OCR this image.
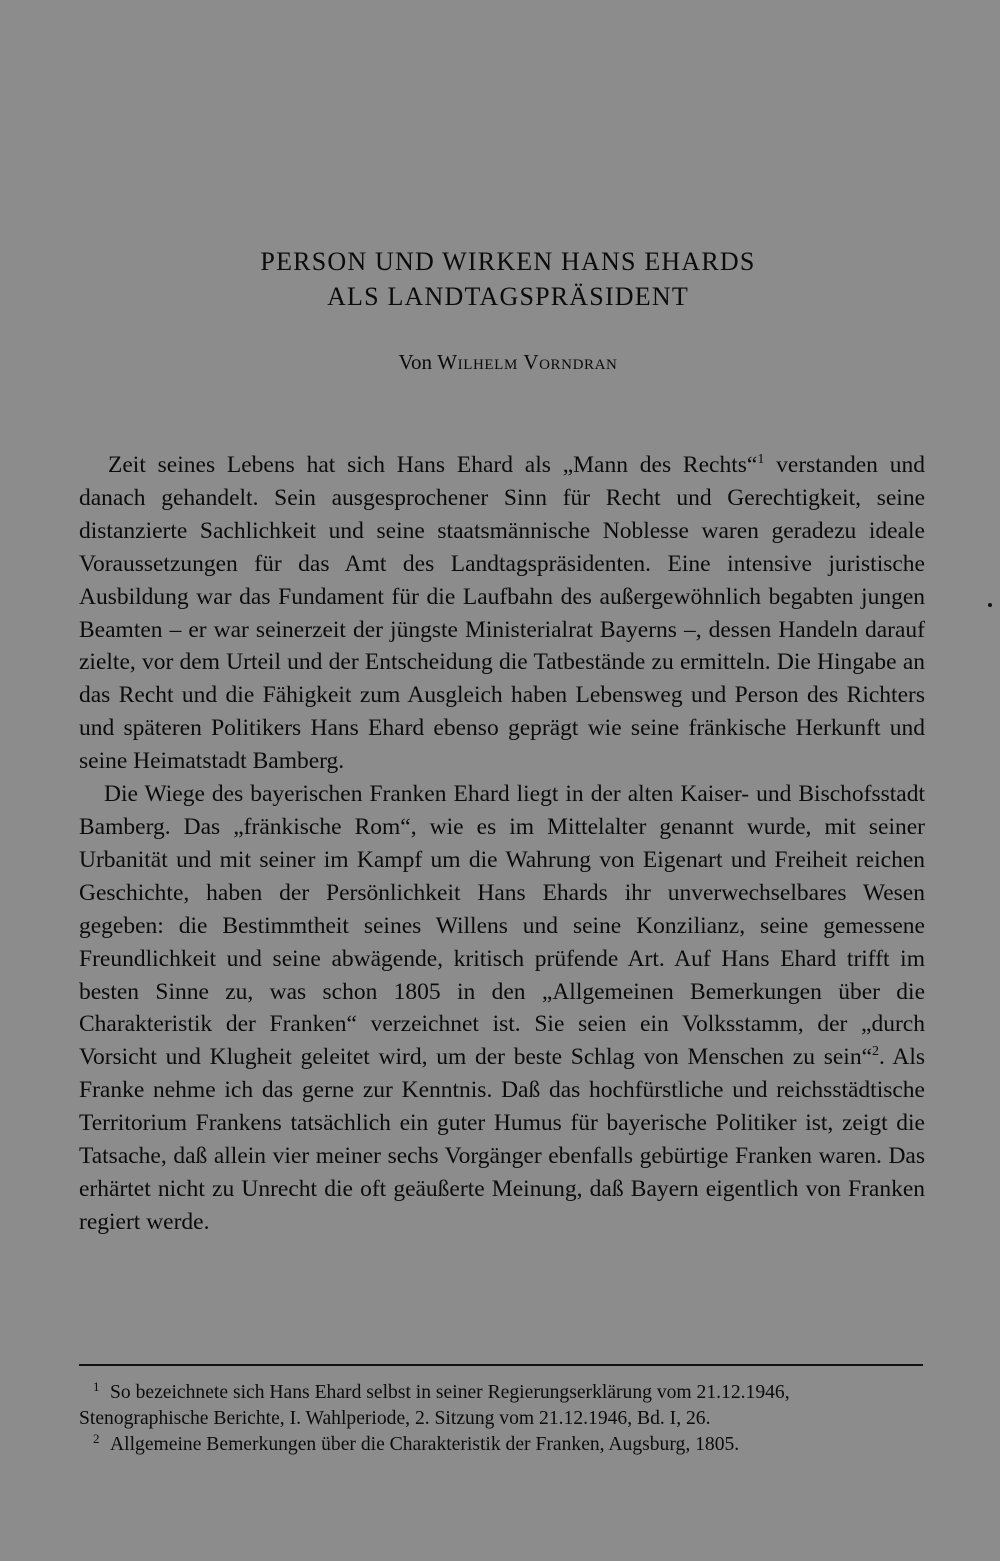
PERSON UND WIRKEN HANS EHARDS
ALS LANDTAGSPRÄSIDENT
Von Wilhelm Vorndran

Zeit seines Lebens hat sich Hans Ehard als „Mann des Rechts“$^1$ verstanden und danach gehandelt. Sein ausgesprochener Sinn für Recht und Gerechtigkeit, seine distanzierte Sachlichkeit und seine staatsmännische Noblesse waren geradezu ideale Voraussetzungen für das Amt des Landtagspräsidenten. Eine intensive juristische Ausbildung war das Fundament für die Laufbahn des außergewöhnlich begabten jungen Beamten – er war seinerzeit der jüngste Ministerialrat Bayerns –, dessen Handeln darauf zielte, vor dem Urteil und der Entscheidung die Tatbestände zu ermitteln. Die Hingabe an das Recht und die Fähigkeit zum Ausgleich haben Lebensweg und Person des Richters und späteren Politikers Hans Ehard ebenso geprägt wie seine fränkische Herkunft und seine Heimatstadt Bamberg.

Die Wiege des bayerischen Franken Ehard liegt in der alten Kaiser- und Bischofsstadt Bamberg. Das „fränkische Rom“, wie es im Mittelalter genannt wurde, mit seiner Urbanität und mit seiner im Kampf um die Wahrung von Eigenart und Freiheit reichen Geschichte, haben der Persönlichkeit Hans Ehards ihr unverwechselbares Wesen gegeben: die Bestimmtheit seines Willens und seine Konzilianz, seine gemessene Freundlichkeit und seine abwägende, kritisch prüfende Art. Auf Hans Ehard trifft im besten Sinne zu, was schon 1805 in den „Allgemeinen Bemerkungen über die Charakteristik der Franken“ verzeichnet ist. Sie seien ein Volksstamm, der „durch Vorsicht und Klugheit geleitet wird, um der beste Schlag von Menschen zu sein“$^2$. Als Franke nehme ich das gerne zur Kenntnis. Daß das hochfürstliche und reichsstädtische Territorium Frankens tatsächlich ein guter Humus für bayerische Politiker ist, zeigt die Tatsache, daß allein vier meiner sechs Vorgänger ebenfalls gebürtige Franken waren. Das erhärtet nicht zu Unrecht die oft geäußerte Meinung, daß Bayern eigentlich von Franken regiert werde.

1 So bezeichnete sich Hans Ehard selbst in seiner Regierungserklärung vom 21.12.1946,
Stenographische Berichte, I. Wahlperiode, 2. Sitzung vom 21.12.1946, Bd. I, 26.
2 Allgemeine Bemerkungen über die Charakteristik der Franken, Augsburg, 1805.
